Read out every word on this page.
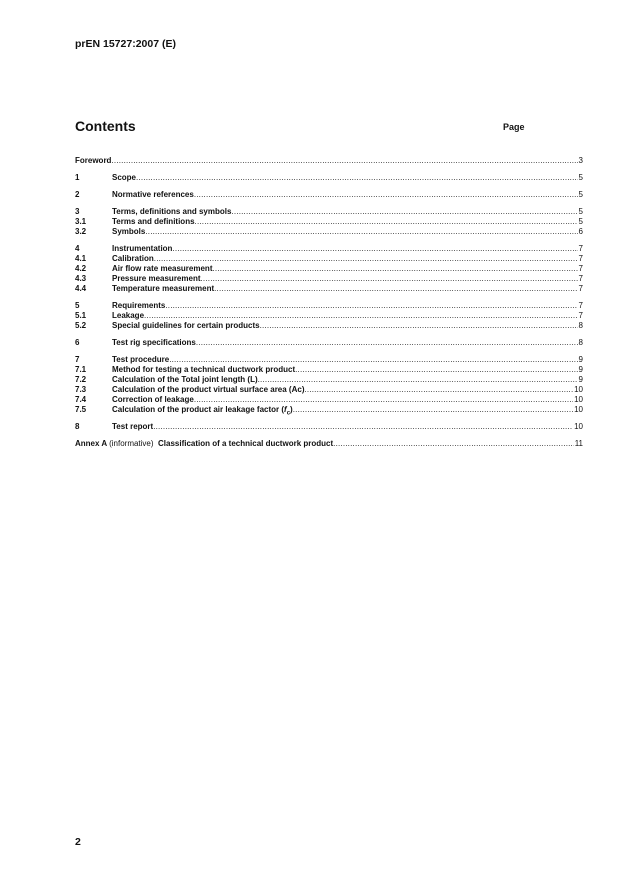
prEN 15727:2007 (E)
Contents	Page
Foreword .....	3
1	Scope .....	5
2	Normative references .....	5
3	Terms, definitions and symbols .....	5
3.1	Terms and definitions .....	5
3.2	Symbols .....	6
4	Instrumentation .....	7
4.1	Calibration .....	7
4.2	Air flow rate measurement .....	7
4.3	Pressure measurement .....	7
4.4	Temperature measurement .....	7
5	Requirements .....	7
5.1	Leakage .....	7
5.2	Special guidelines for certain products .....	8
6	Test rig specifications .....	8
7	Test procedure .....	9
7.1	Method for testing a technical ductwork product .....	9
7.2	Calculation of the Total joint length (L) .....	9
7.3	Calculation of the product virtual surface area (Ac) .....	10
7.4	Correction of leakage .....	10
7.5	Calculation of the product air leakage factor $(f_c)$ .....	10
8	Test report .....	10
Annex A (informative) Classification of a technical ductwork product .....	11
2
